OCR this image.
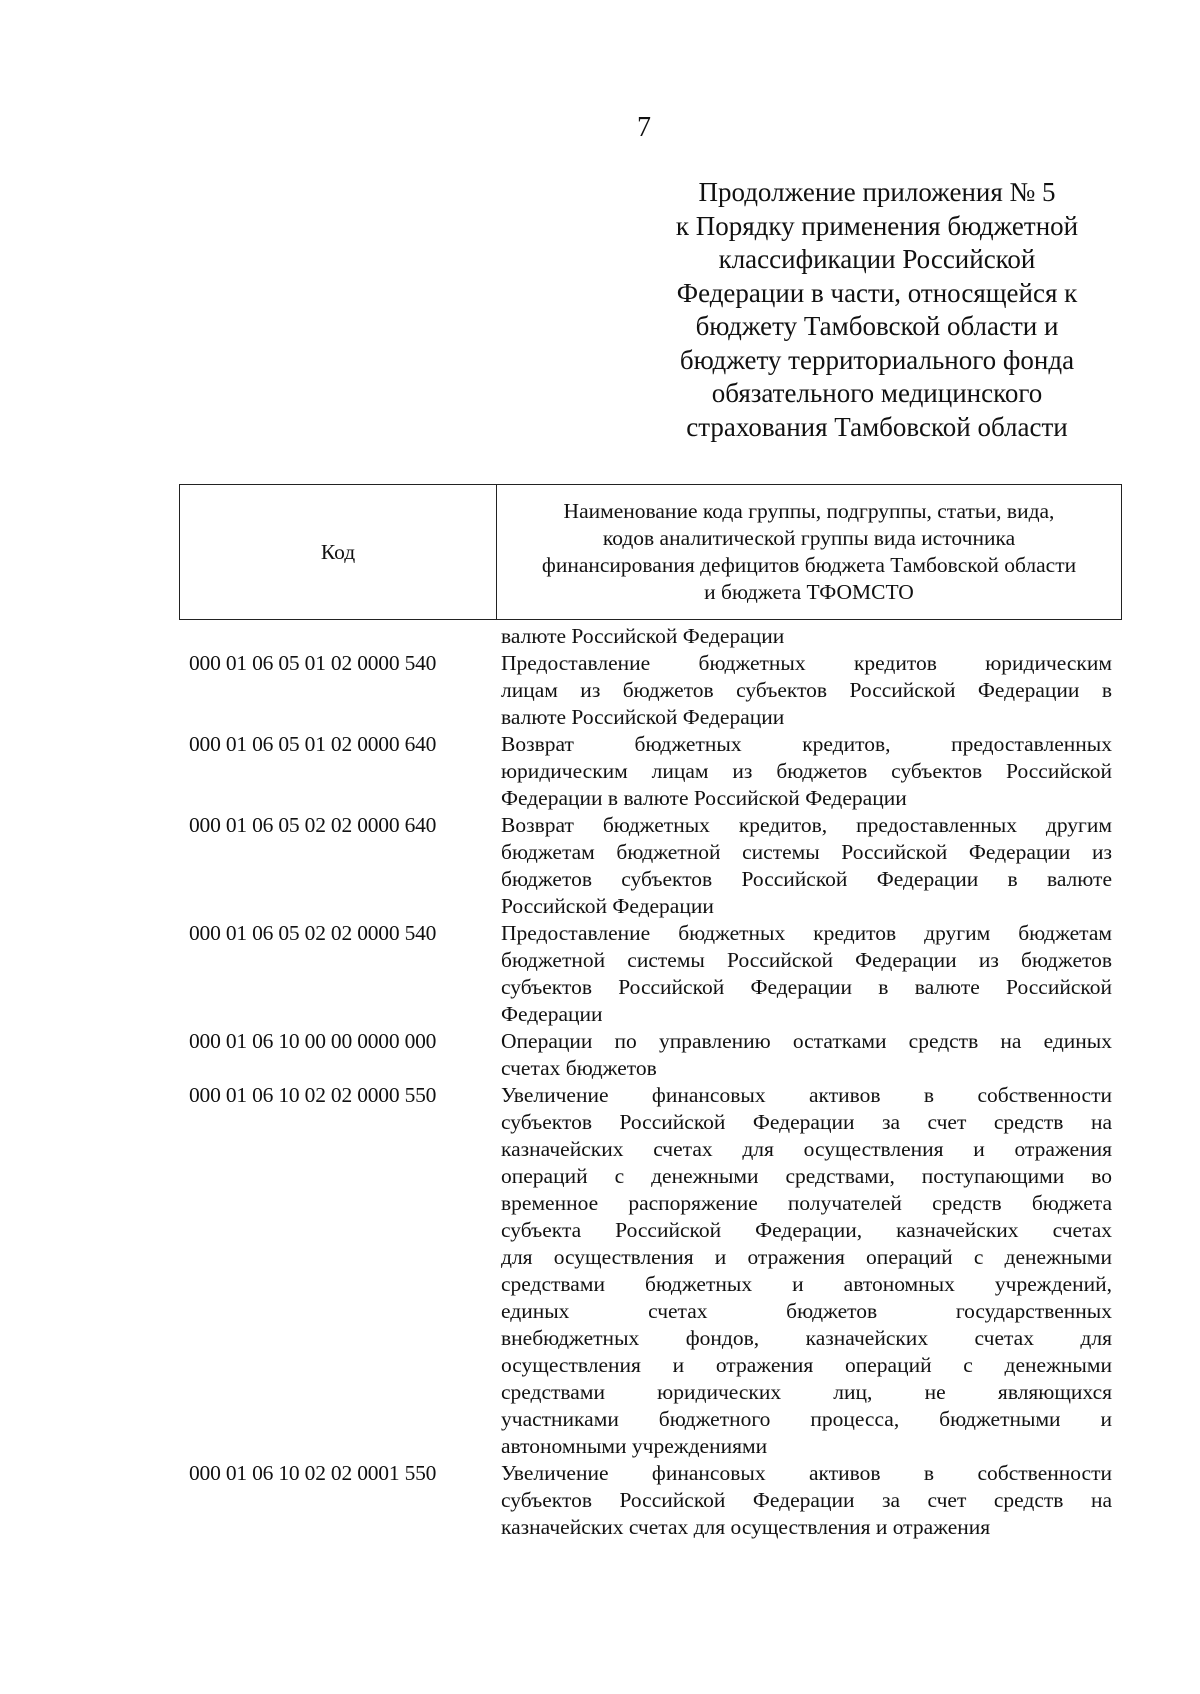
7
Продолжение приложения № 5
к Порядку применения бюджетной
классификации Российской
Федерации в части, относящейся к
бюджету Тамбовской области и
бюджету территориального фонда
обязательного медицинского
страхования Тамбовской области
Код	
Наименование кода группы, подгруппы, статьи, вида,
кодов аналитической группы вида источника
финансирования дефицитов бюджета Тамбовской области
и бюджета ТФОМСТО
валюте Российской Федерации
000 01 06 05 01 02 0000 540	Предоставление бюджетных кредитов юридическим
лицам из бюджетов субъектов Российской Федерации в
валюте Российской Федерации
000 01 06 05 01 02 0000 640	Возврат бюджетных кредитов, предоставленных
юридическим лицам из бюджетов субъектов Российской
Федерации в валюте Российской Федерации
000 01 06 05 02 02 0000 640	Возврат бюджетных кредитов, предоставленных другим
бюджетам бюджетной системы Российской Федерации из
бюджетов субъектов Российской Федерации в валюте
Российской Федерации
000 01 06 05 02 02 0000 540	Предоставление бюджетных кредитов другим бюджетам
бюджетной системы Российской Федерации из бюджетов
субъектов Российской Федерации в валюте Российской
Федерации
000 01 06 10 00 00 0000 000	Операции по управлению остатками средств на единых
счетах бюджетов
000 01 06 10 02 02 0000 550	Увеличение финансовых активов в собственности
субъектов Российской Федерации за счет средств на
казначейских счетах для осуществления и отражения
операций с денежными средствами, поступающими во
временное распоряжение получателей средств бюджета
субъекта Российской Федерации, казначейских счетах
для осуществления и отражения операций с денежными
средствами бюджетных и автономных учреждений,
единых счетах бюджетов государственных
внебюджетных фондов, казначейских счетах для
осуществления и отражения операций с денежными
средствами юридических лиц, не являющихся
участниками бюджетного процесса, бюджетными и
автономными учреждениями
000 01 06 10 02 02 0001 550	Увеличение финансовых активов в собственности
субъектов Российской Федерации за счет средств на
казначейских счетах для осуществления и отражения
